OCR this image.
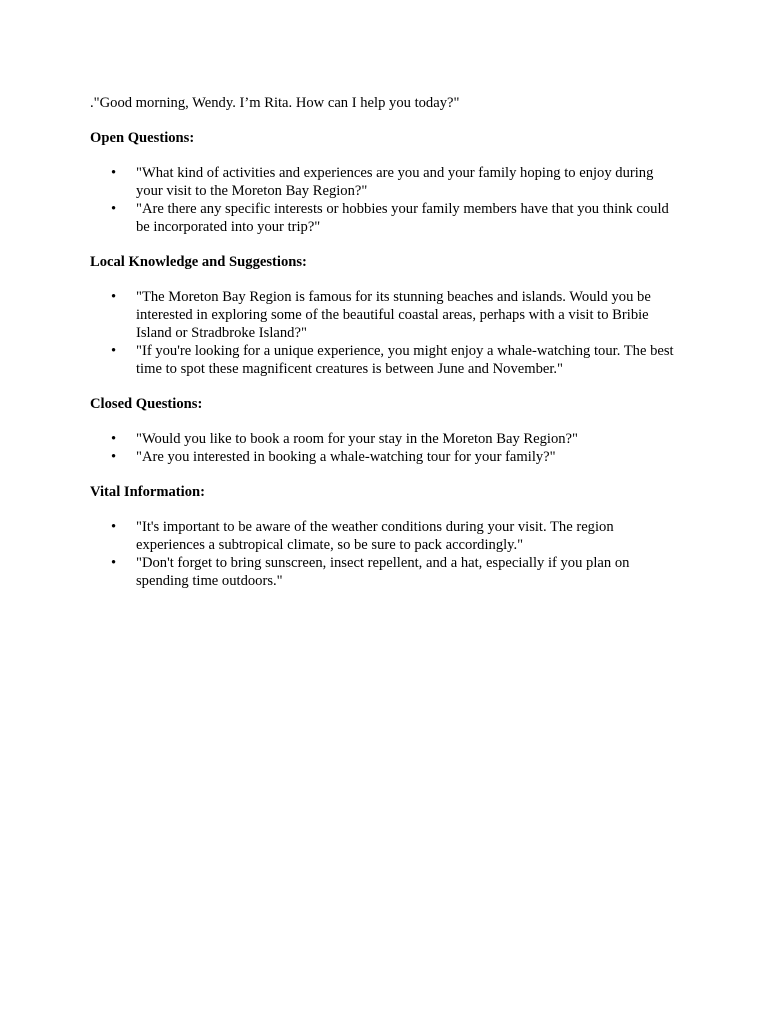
."Good morning, Wendy. I’m Rita. How can I help you today?"

Open Questions:

• "What kind of activities and experiences are you and your family hoping to enjoy during your visit to the Moreton Bay Region?"
• "Are there any specific interests or hobbies your family members have that you think could be incorporated into your trip?"

Local Knowledge and Suggestions:

• "The Moreton Bay Region is famous for its stunning beaches and islands. Would you be interested in exploring some of the beautiful coastal areas, perhaps with a visit to Bribie Island or Stradbroke Island?"
• "If you're looking for a unique experience, you might enjoy a whale-watching tour. The best time to spot these magnificent creatures is between June and November."

Closed Questions:

• "Would you like to book a room for your stay in the Moreton Bay Region?"
• "Are you interested in booking a whale-watching tour for your family?"

Vital Information:

• "It's important to be aware of the weather conditions during your visit. The region experiences a subtropical climate, so be sure to pack accordingly."
• "Don't forget to bring sunscreen, insect repellent, and a hat, especially if you plan on spending time outdoors."
